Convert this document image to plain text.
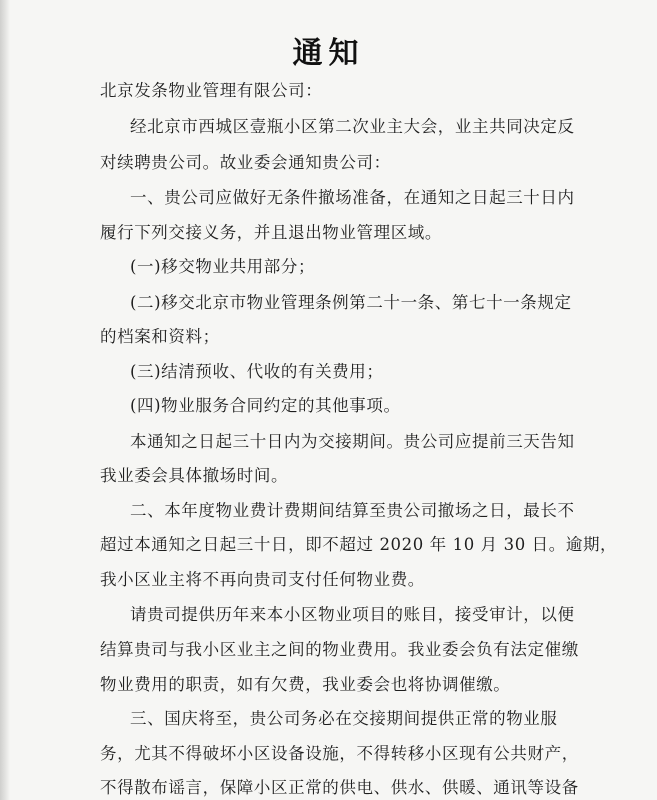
通知
北京发条物业管理有限公司：
经北京市西城区壹瓶小区第二次业主大会，业主共同决定反
对续聘贵公司。故业委会通知贵公司：
一、贵公司应做好无条件撤场准备，在通知之日起三十日内
履行下列交接义务，并且退出物业管理区域。
(一)移交物业共用部分；
(二)移交北京市物业管理条例第二十一条、第七十一条规定
的档案和资料；
(三)结清预收、代收的有关费用；
(四)物业服务合同约定的其他事项。
本通知之日起三十日内为交接期间。贵公司应提前三天告知
我业委会具体撤场时间。
二、本年度物业费计费期间结算至贵公司撤场之日，最长不
超过本通知之日起三十日，即不超过 2020 年 10 月 30 日。逾期，
我小区业主将不再向贵司支付任何物业费。
请贵司提供历年来本小区物业项目的账目，接受审计，以便
结算贵司与我小区业主之间的物业费用。我业委会负有法定催缴
物业费用的职责，如有欠费，我业委会也将协调催缴。
三、国庆将至，贵公司务必在交接期间提供正常的物业服
务，尤其不得破坏小区设备设施，不得转移小区现有公共财产，
不得散布谣言，保障小区正常的供电、供水、供暖、通讯等设备
